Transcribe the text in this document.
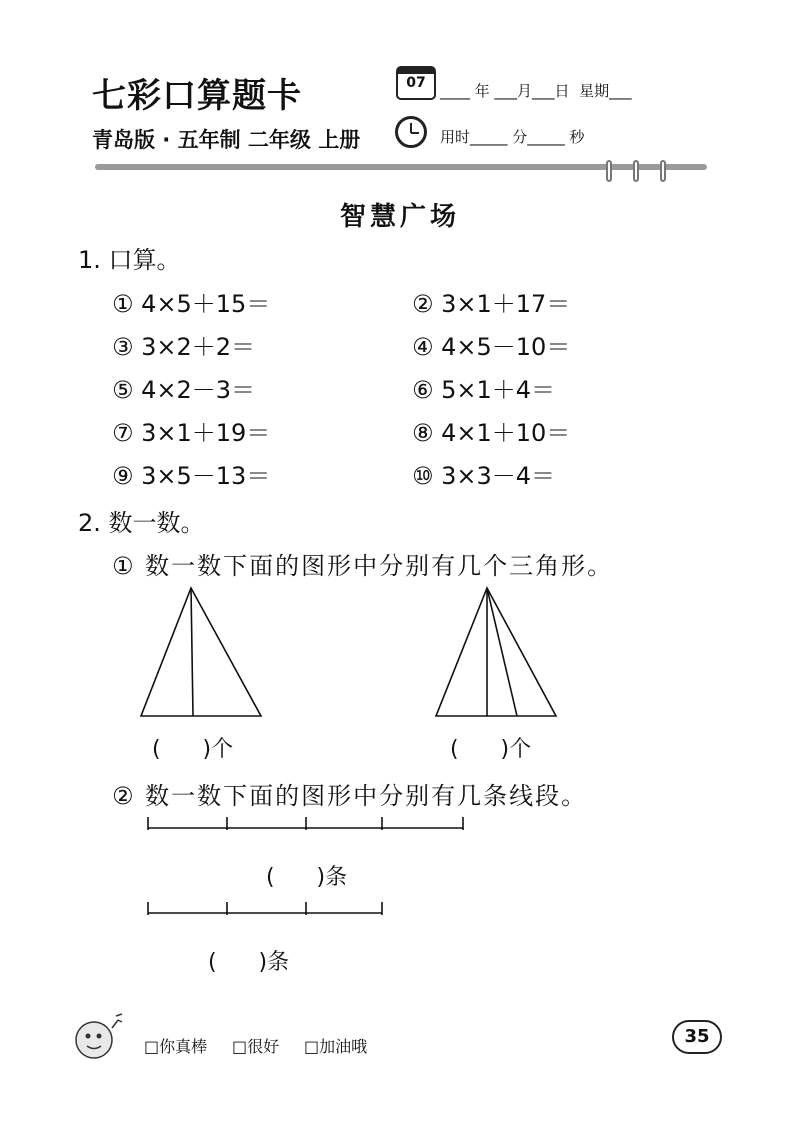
七彩口算题卡
青岛版 · 五年制 二年级 上册
07 ____ 年 ___月___日  星期___
用时_____ 分_____ 秒
智慧广场
1. 口算。
① 4×5＋15＝	② 3×1＋17＝
③ 3×2＋2＝	④ 4×5－10＝
⑤ 4×2－3＝	⑥ 5×1＋4＝
⑦ 3×1＋19＝	⑧ 4×1＋10＝
⑨ 3×5－13＝	⑩ 3×3－4＝
2. 数一数。
① 数一数下面的图形中分别有几个三角形。
(      )个	(      )个
② 数一数下面的图形中分别有几条线段。
(      )条
(      )条
□你真棒 □很好 □加油哦	35
